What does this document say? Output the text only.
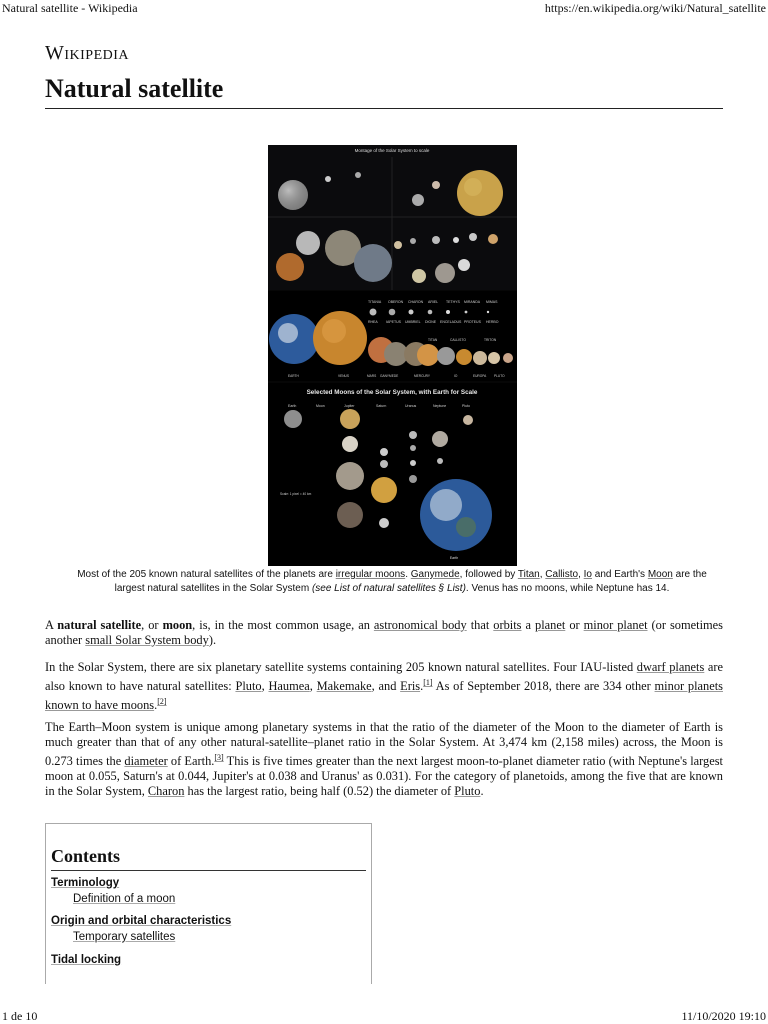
Natural satellite - Wikipedia	https://en.wikipedia.org/wiki/Natural_satellite
Wikipedia
Natural satellite
Montage of the Solar System to scale
TITANIA OBERON CHARON ARIEL TETHYS MIRANDA MIMAS
RHEA IAPETUS UMBRIEL DIONE ENCELADUS PROTEUS HERBO
TITAN	CALLISTO	TRITON
EARTH	VENUS	MARS GANYMEDE	MERCURY	IO	EUROPA PLUTO
Selected Moons of the Solar System, with Earth for Scale
Earth	Moon	Jupiter	Saturn	Uranus	Neptune	Pluto
Earth
Scale: 1 pixel = 40 km
Most of the 205 known natural satellites of the planets are irregular moons. Ganymede, followed by Titan, Callisto, Io and Earth's Moon are the largest natural satellites in the Solar System (see List of natural satellites § List). Venus has no moons, while Neptune has 14.
A natural satellite, or moon, is, in the most common usage, an astronomical body that orbits a planet or minor planet (or sometimes another small Solar System body).
In the Solar System, there are six planetary satellite systems containing 205 known natural satellites. Four IAU-listed dwarf planets are also known to have natural satellites: Pluto, Haumea, Makemake, and Eris.[1] As of September 2018, there are 334 other minor planets known to have moons.[2]
The Earth–Moon system is unique among planetary systems in that the ratio of the diameter of the Moon to the diameter of Earth is much greater than that of any other natural-satellite–planet ratio in the Solar System. At 3,474 km (2,158 miles) across, the Moon is 0.273 times the diameter of Earth.[3] This is five times greater than the next largest moon-to-planet diameter ratio (with Neptune's largest moon at 0.055, Saturn's at 0.044, Jupiter's at 0.038 and Uranus' as 0.031). For the category of planetoids, among the five that are known in the Solar System, Charon has the largest ratio, being half (0.52) the diameter of Pluto.
Contents
Terminology
Definition of a moon
Origin and orbital characteristics
Temporary satellites
Tidal locking
1 de 10	11/10/2020 19:10
